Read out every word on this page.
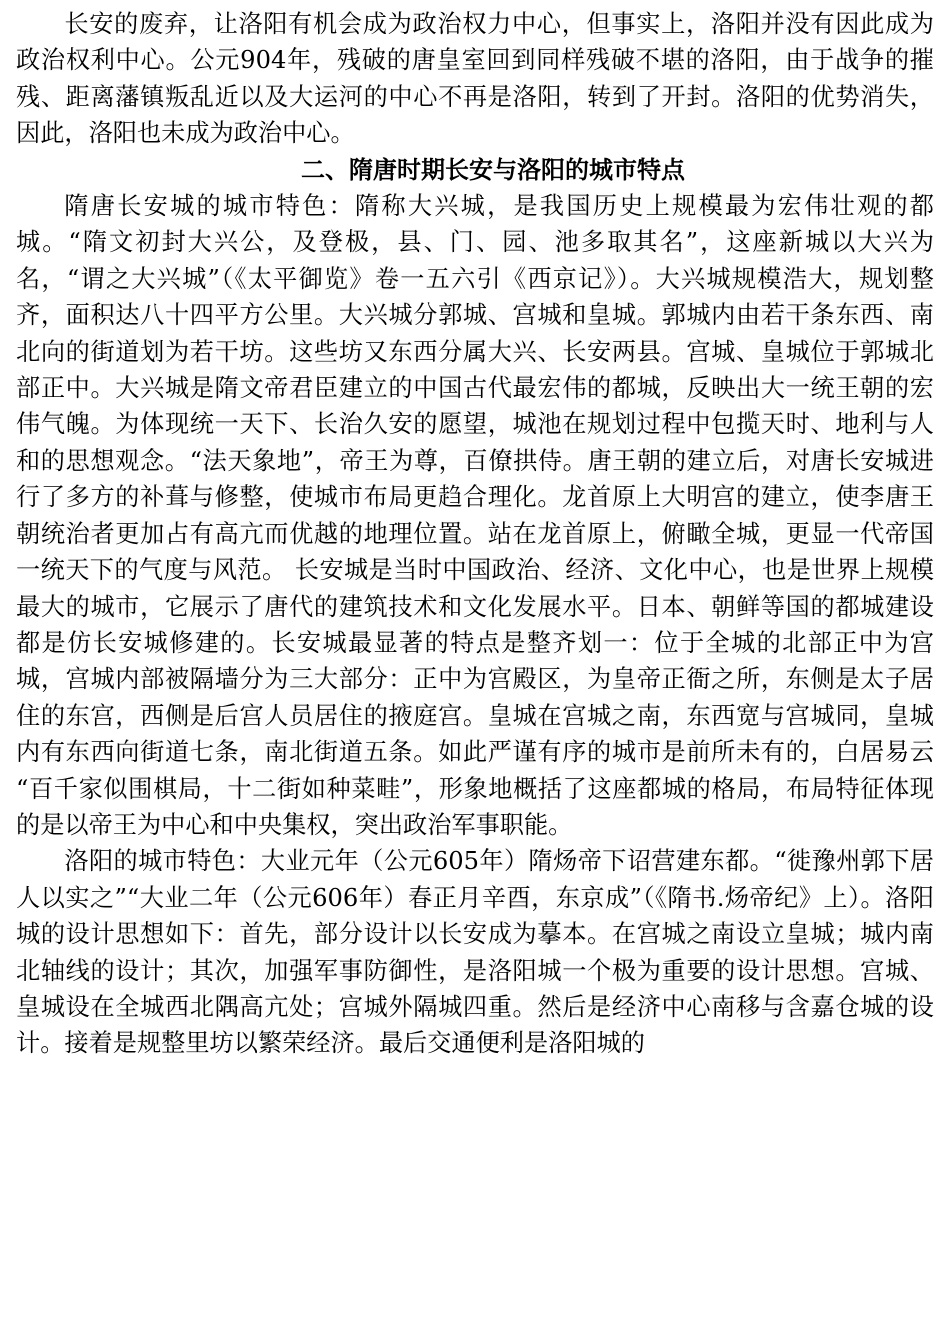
长安的废弃，让洛阳有机会成为政治权力中心，但事实上，洛阳并没有因此成为政治权利中心。公元904年，残破的唐皇室回到同样残破不堪的洛阳，由于战争的摧残、距离藩镇叛乱近以及大运河的中心不再是洛阳，转到了开封。洛阳的优势消失，因此，洛阳也未成为政治中心。

二、隋唐时期长安与洛阳的城市特点

隋唐长安城的城市特色：隋称大兴城，是我国历史上规模最为宏伟壮观的都城。“隋文初封大兴公，及登极，县、门、园、池多取其名”，这座新城以大兴为名，“谓之大兴城”（《太平御览》卷一五六引《西京记》）。大兴城规模浩大，规划整齐，面积达八十四平方公里。大兴城分郭城、宫城和皇城。郭城内由若干条东西、南北向的街道划为若干坊。这些坊又东西分属大兴、长安两县。宫城、皇城位于郭城北部正中。大兴城是隋文帝君臣建立的中国古代最宏伟的都城，反映出大一统王朝的宏伟气魄。为体现统一天下、长治久安的愿望，城池在规划过程中包揽天时、地利与人和的思想观念。“法天象地”，帝王为尊，百僚拱侍。唐王朝的建立后，对唐长安城进行了多方的补葺与修整，使城市布局更趋合理化。龙首原上大明宫的建立，使李唐王朝统治者更加占有高亢而优越的地理位置。站在龙首原上，俯瞰全城，更显一代帝国一统天下的气度与风范。 长安城是当时中国政治、经济、文化中心，也是世界上规模最大的城市，它展示了唐代的建筑技术和文化发展水平。日本、朝鲜等国的都城建设都是仿长安城修建的。长安城最显著的特点是整齐划一：位于全城的北部正中为宫城，宫城内部被隔墙分为三大部分：正中为宫殿区，为皇帝正衙之所，东侧是太子居住的东宫，西侧是后宫人员居住的掖庭宫。皇城在宫城之南，东西宽与宫城同，皇城内有东西向街道七条，南北街道五条。如此严谨有序的城市是前所未有的，白居易云 “百千家似围棋局，十二街如种菜畦”，形象地概括了这座都城的格局，布局特征体现的是以帝王为中心和中央集权，突出政治军事职能。

洛阳的城市特色：大业元年（公元605年）隋炀帝下诏营建东都。“徙豫州郭下居人以实之”“大业二年（公元606年）春正月辛酉，东京成”（《隋书.炀帝纪》上）。洛阳城的设计思想如下：首先，部分设计以长安成为摹本。在宫城之南设立皇城；城内南北轴线的设计；其次，加强军事防御性，是洛阳城一个极为重要的设计思想。宫城、皇城设在全城西北隅高亢处；宫城外隔城四重。然后是经济中心南移与含嘉仓城的设计。接着是规整里坊以繁荣经济。最后交通便利是洛阳城的
